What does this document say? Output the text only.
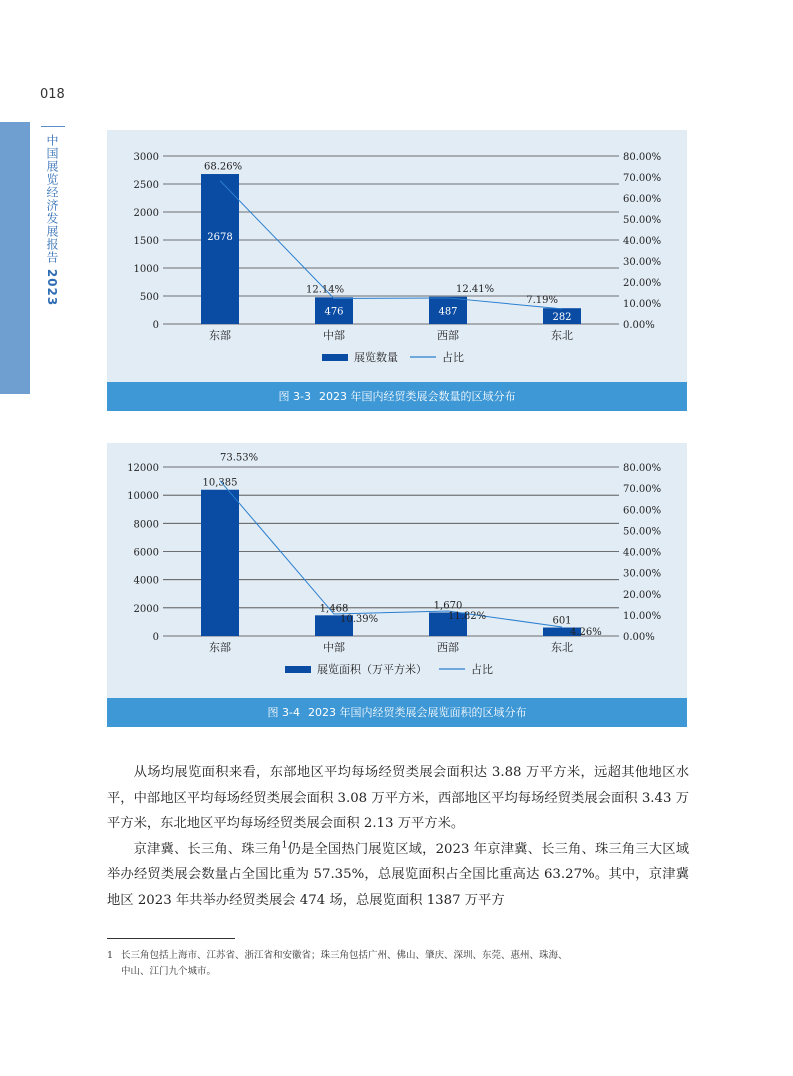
018
中国展览经济发展报告 2023
0
500
1000
1500
2000
2500
3000
0.00%
10.00%
20.00%
30.00%
40.00%
50.00%
60.00%
70.00%
80.00%
2678
476	487
282
68.26%
12.14%	12.41%
7.19%
东部	中部	西部	东北
展览数量	占比
图 3-3 2023 年国内经贸类展会数量的区域分布
0
2000
4000
6000
8000
10000
12000
0.00%
10.00%
20.00%
30.00%
40.00%
50.00%
60.00%
70.00%
80.00%
10,385
1,468	1,670
601
73.53%
10.39%	11.82%
4.26%
东部	中部	西部	东北
展览面积（万平方米）	占比
图 3-4 2023 年国内经贸类展会展览面积的区域分布

从场均展览面积来看，东部地区平均每场经贸类展会面积达 3.88 万平方米，远超其他地区水平，中部地区平均每场经贸类展会面积 3.08 万平方米，西部地区平均每场经贸类展会面积 3.43 万平方米，东北地区平均每场经贸类展会面积 2.13 万平方米。

京津冀、长三角、珠三角$^1$仍是全国热门展览区域，2023 年京津冀、长三角、珠三角三大区域举办经贸类展会数量占全国比重为 57.35%，总展览面积占全国比重高达 63.27%。其中，京津冀地区 2023 年共举办经贸类展会 474 场，总展览面积 1387 万平方

1 长三角包括上海市、江苏省、浙江省和安徽省；珠三角包括广州、佛山、肇庆、深圳、东莞、惠州、珠海、
中山、江门九个城市。
